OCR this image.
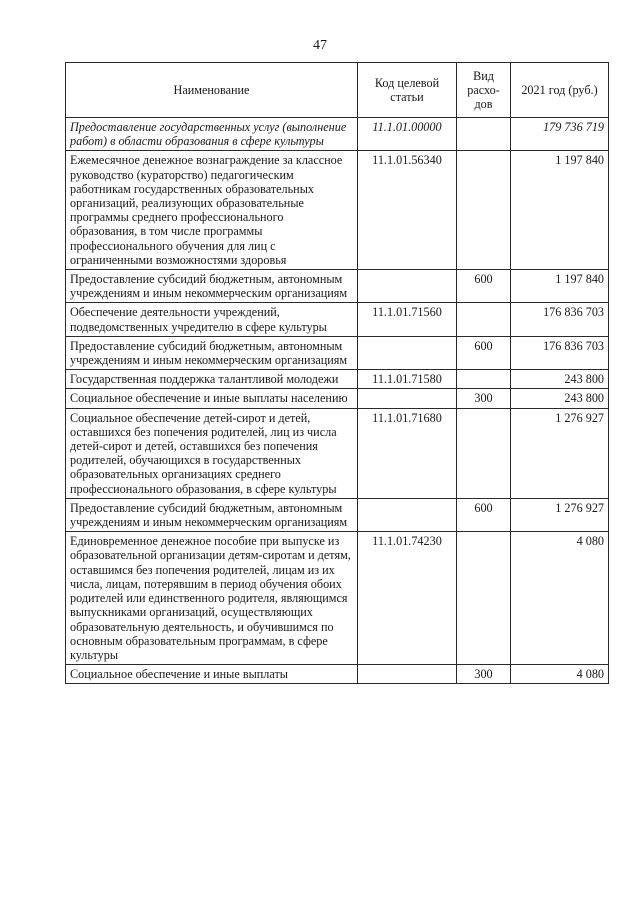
47
Наименование	Код целевой статьи	Вид расхо-дов	2021 год (руб.)
Предоставление государственных услуг (выполнение работ) в области образования в сфере культуры	11.1.01.00000		179 736 719
Ежемесячное денежное вознаграждение за классное руководство (кураторство) педагогическим работникам государственных образовательных организаций, реализующих образовательные программы среднего профессионального образования, в том числе программы профессионального обучения для лиц с ограниченными возможностями здоровья	11.1.01.56340		1 197 840
Предоставление субсидий бюджетным, автономным учреждениям и иным некоммерческим организациям		600	1 197 840
Обеспечение деятельности учреждений, подведомственных учредителю в сфере культуры	11.1.01.71560		176 836 703
Предоставление субсидий бюджетным, автономным учреждениям и иным некоммерческим организациям		600	176 836 703
Государственная поддержка талантливой молодежи	11.1.01.71580		243 800
Социальное обеспечение и иные выплаты населению		300	243 800
Социальное обеспечение детей-сирот и детей, оставшихся без попечения родителей, лиц из числа детей-сирот и детей, оставшихся без попечения родителей, обучающихся в государственных образовательных организациях среднего профессионального образования, в сфере культуры	11.1.01.71680		1 276 927
Предоставление субсидий бюджетным, автономным учреждениям и иным некоммерческим организациям		600	1 276 927
Единовременное денежное пособие при выпуске из образовательной организации детям-сиротам и детям, оставшимся без попечения родителей, лицам из их числа, лицам, потерявшим в период обучения обоих родителей или единственного родителя, являющимся выпускниками организаций, осуществляющих образовательную деятельность, и обучившимся по основным образовательным программам, в сфере культуры	11.1.01.74230		4 080
Социальное обеспечение и иные выплаты		300	4 080
